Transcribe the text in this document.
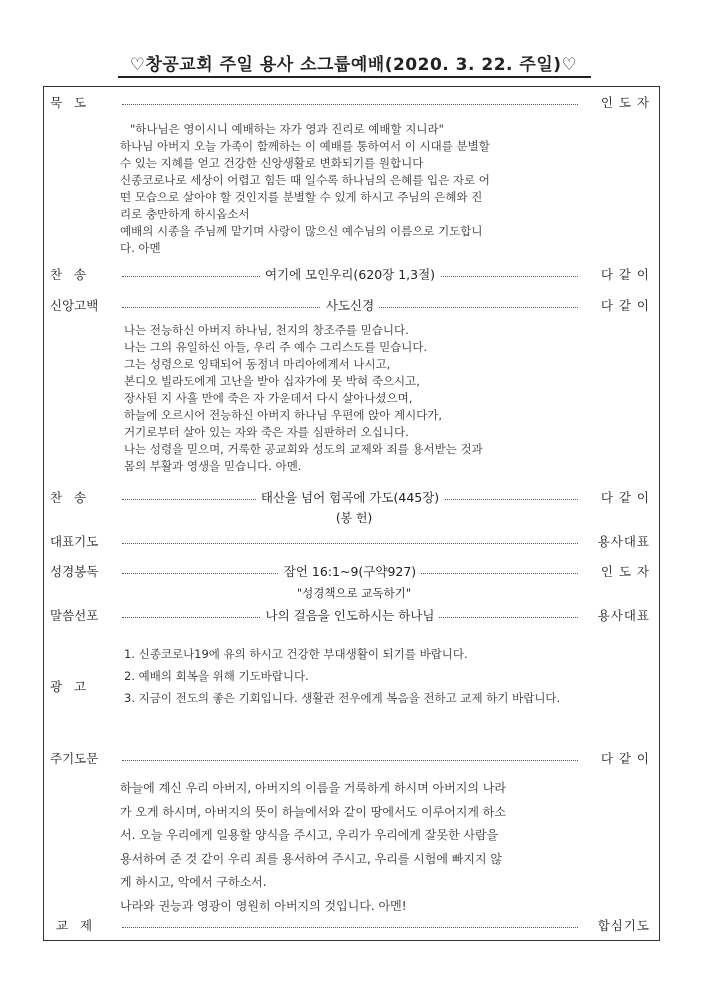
♡창공교회 주일 용사 소그룹예배(2020. 3. 22. 주일)♡
묵   도	인 도 자

"하나님은 영이시니 예배하는 자가 영과 진리로 예배할 지니라"

하나님 아버지 오늘 가족이 함께하는 이 예배를 통하여서 이 시대를 분별할

수 있는 지혜를 얻고 건강한 신앙생활로 변화되기를 원합니다

신종코로나로 세상이 어렵고 힘든 때 일수록 하나님의 은혜를 입은 자로 어

떤 모습으로 살아야 할 것인지를 분별할 수 있게 하시고 주님의 은혜와 진

리로 충만하게 하시옵소서

예배의 시종을 주님께 맡기며 사랑이 많으신 예수님의 이름으로 기도합니

다. 아멘

찬   송	여기에 모인우리(620장 1,3절)	다 같 이
신앙고백	사도신경	다 같 이

나는 전능하신 아버지 하나님, 천지의 창조주를 믿습니다.

나는 그의 유일하신 아들, 우리 주 예수 그리스도를 믿습니다.

그는 성령으로 잉태되어 동정녀 마리아에게서 나시고,

본디오 빌라도에게 고난을 받아 십자가에 못 박혀 죽으시고,

장사된 지 사흘 만에 죽은 자 가운데서 다시 살아나셨으며,

하늘에 오르시어 전능하신 아버지 하나님 우편에 앉아 계시다가,

거기로부터 살아 있는 자와 죽은 자를 심판하러 오십니다.

나는 성령을 믿으며, 거룩한 공교회와 성도의 교제와 죄를 용서받는 것과

몸의 부활과 영생을 믿습니다. 아멘.

찬   송	태산을 넘어 험곡에 가도(445장)	다 같 이
(봉 헌)
대표기도	용사대표
성경봉독	잠언 16:1~9(구약927)	인 도 자
"성경책으로 교독하기"
말씀선포	나의 걸음을 인도하시는 하나님	용사대표
광   고
1. 신종코로나19에 유의 하시고 건강한 부대생활이 되기를 바랍니다.
2. 예배의 회복을 위해 기도바랍니다.
3. 지금이 전도의 좋은 기회입니다. 생활관 전우에게 복음을 전하고 교제 하기 바랍니다.
주기도문	다 같 이

하늘에 계신 우리 아버지, 아버지의 이름을 거룩하게 하시며 아버지의 나라

가 오게 하시며, 아버지의 뜻이 하늘에서와 같이 땅에서도 이루어지게 하소

서. 오늘 우리에게 일용할 양식을 주시고, 우리가 우리에게 잘못한 사람을

용서하여 준 것 같이 우리 죄를 용서하여 주시고, 우리를 시험에 빠지지 않

게 하시고, 악에서 구하소서.

나라와 권능과 영광이 영원히 아버지의 것입니다. 아멘!

교   제	합심기도
